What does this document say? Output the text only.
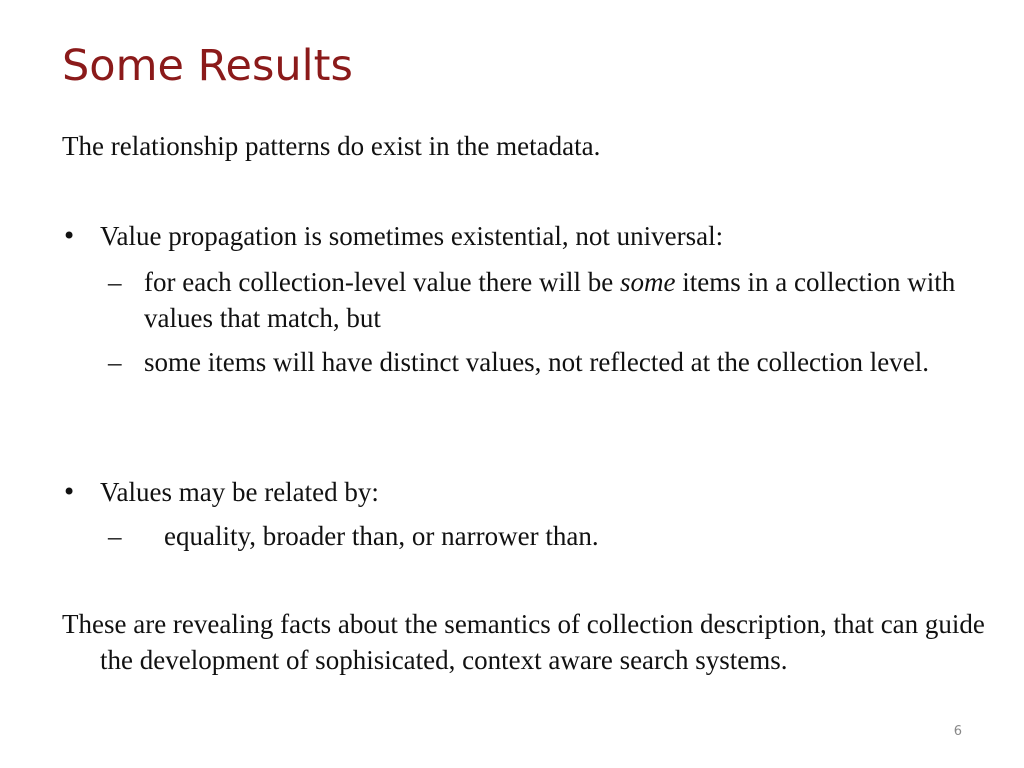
Some Results
The relationship patterns do exist in the metadata.
• Value propagation is sometimes existential, not universal:
– for each collection-level value there will be some items in a collection with values that match, but
– some items will have distinct values, not reflected at the collection level.
• Values may be related by:
–	equality, broader than, or narrower than.
These are revealing facts about the semantics of collection description, that can guide the development of sophisicated, context aware search systems.
6
